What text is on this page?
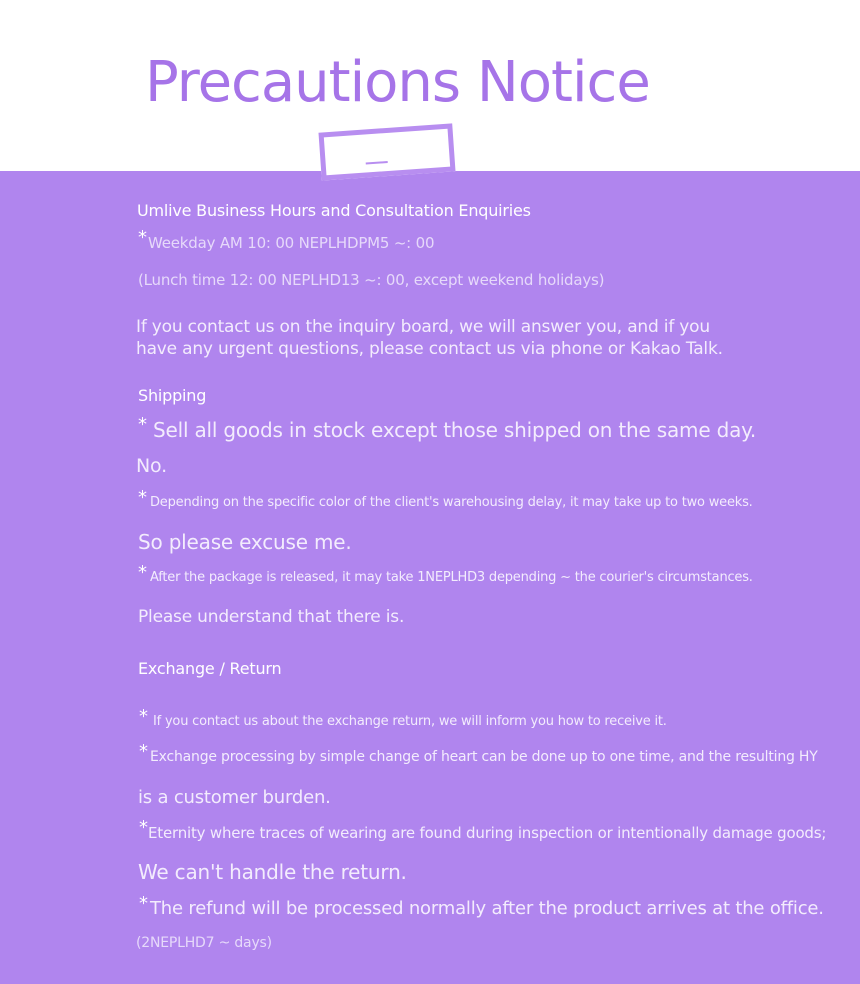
Precautions Notice
Umlive Business Hours and Consultation Enquiries
* Weekday AM 10: 00 NEPLHDPM5 ~: 00
(Lunch time 12: 00 NEPLHD13 ~: 00, except weekend holidays)
If you contact us on the inquiry board, we will answer you, and if you
have any urgent questions, please contact us via phone or Kakao Talk.
Shipping
* Sell all goods in stock except those shipped on the same day.
No.
* Depending on the specific color of the client's warehousing delay, it may take up to two weeks.
So please excuse me.
* After the package is released, it may take 1NEPLHD3 depending ~ the courier's circumstances.
Please understand that there is.
Exchange / Return
* If you contact us about the exchange return, we will inform you how to receive it.
* Exchange processing by simple change of heart can be done up to one time, and the resulting HY
is a customer burden.
* Eternity where traces of wearing are found during inspection or intentionally damage goods;
We can't handle the return.
* The refund will be processed normally after the product arrives at the office.
(2NEPLHD7 ~ days)
